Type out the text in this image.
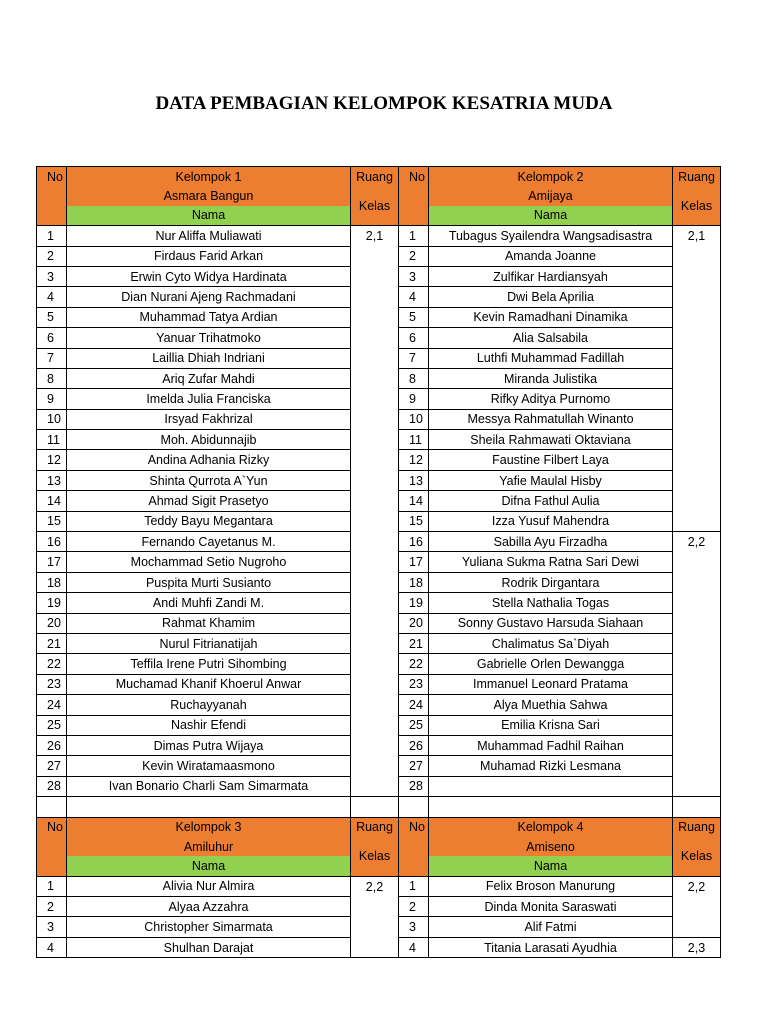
DATA PEMBAGIAN KELOMPOK KESATRIA MUDA
No	Kelompok 1	Ruang	No	Kelompok 2	Ruang
	Asmara Bangun	Kelas		Amijaya	Kelas
	Nama			Nama	
1	Nur Aliffa Muliawati	2,1	1	Tubagus Syailendra Wangsadisastra	2,1
2	Firdaus Farid Arkan		2	Amanda Joanne	
3	Erwin Cyto Widya Hardinata		3	Zulfikar Hardiansyah	
4	Dian Nurani Ajeng Rachmadani		4	Dwi Bela Aprilia	
5	Muhammad Tatya Ardian		5	Kevin Ramadhani Dinamika	
6	Yanuar Trihatmoko		6	Alia Salsabila	
7	Laillia Dhiah Indriani		7	Luthfi Muhammad Fadillah	
8	Ariq Zufar Mahdi		8	Miranda Julistika	
9	Imelda Julia Franciska		9	Rifky Aditya Purnomo	
10	Irsyad Fakhrizal		10	Messya Rahmatullah Winanto	
11	Moh. Abidunnajib		11	Sheila Rahmawati Oktaviana	
12	Andina Adhania Rizky		12	Faustine Filbert Laya	
13	Shinta Qurrota A`Yun		13	Yafie Maulal Hisby	
14	Ahmad Sigit Prasetyo		14	Difna Fathul Aulia	
15	Teddy Bayu Megantara		15	Izza Yusuf Mahendra	
16	Fernando Cayetanus M.		16	Sabilla Ayu Firzadha	2,2
17	Mochammad Setio Nugroho		17	Yuliana Sukma Ratna Sari Dewi	
18	Puspita Murti Susianto		18	Rodrik Dirgantara	
19	Andi Muhfi Zandi M.		19	Stella Nathalia Togas	
20	Rahmat Khamim		20	Sonny Gustavo Harsuda Siahaan	
21	Nurul Fitrianatijah		21	Chalimatus Sa`Diyah	
22	Teffila Irene Putri Sihombing		22	Gabrielle Orlen Dewangga	
23	Muchamad Khanif Khoerul Anwar		23	Immanuel Leonard Pratama	
24	Ruchayyanah		24	Alya Muethia Sahwa	
25	Nashir Efendi		25	Emilia Krisna Sari	
26	Dimas Putra Wijaya		26	Muhammad Fadhil Raihan	
27	Kevin Wiratamaasmono		27	Muhamad Rizki Lesmana	
28	Ivan Bonario Charli Sam Simarmata		28		

No	Kelompok 3	Ruang	No	Kelompok 4	Ruang
	Amiluhur	Kelas		Amiseno	Kelas
	Nama			Nama	
1	Alivia Nur Almira	2,2	1	Felix Broson Manurung	2,2
2	Alyaa Azzahra		2	Dinda Monita Saraswati	
3	Christopher Simarmata		3	Alif Fatmi	
4	Shulhan Darajat		4	Titania Larasati Ayudhia	2,3
